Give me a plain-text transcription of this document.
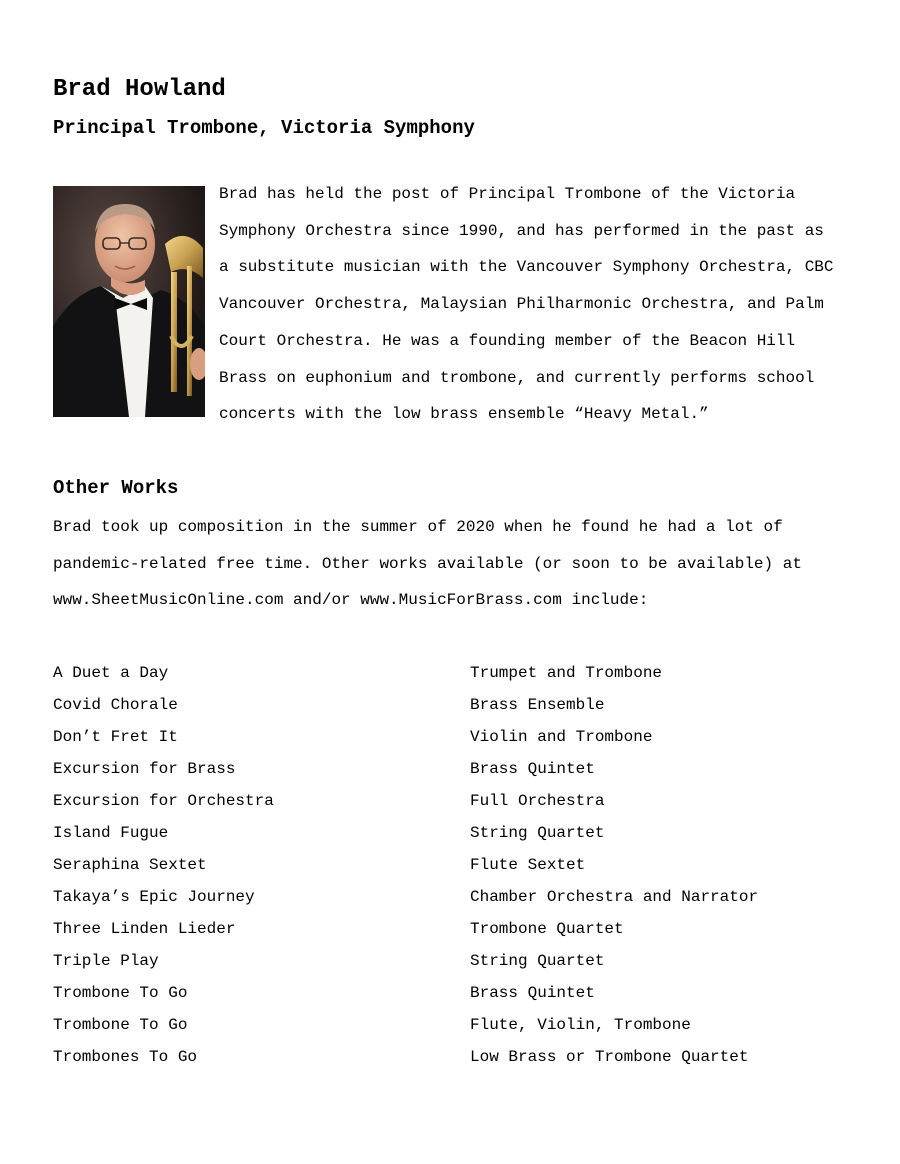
Brad Howland
Principal Trombone, Victoria Symphony

Brad has held the post of Principal Trombone of the Victoria
Symphony Orchestra since 1990, and has performed in the past as
a substitute musician with the Vancouver Symphony Orchestra, CBC
Vancouver Orchestra, Malaysian Philharmonic Orchestra, and Palm
Court Orchestra. He was a founding member of the Beacon Hill
Brass on euphonium and trombone, and currently performs school
concerts with the low brass ensemble “Heavy Metal.”

Other Works

Brad took up composition in the summer of 2020 when he found he had a lot of
pandemic-related free time. Other works available (or soon to be available) at
www.SheetMusicOnline.com and/or www.MusicForBrass.com include:

A Duet a Day	Trumpet and Trombone
Covid Chorale	Brass Ensemble
Don’t Fret It	Violin and Trombone
Excursion for Brass	Brass Quintet
Excursion for Orchestra	Full Orchestra
Island Fugue	String Quartet
Seraphina Sextet	Flute Sextet
Takaya’s Epic Journey	Chamber Orchestra and Narrator
Three Linden Lieder	Trombone Quartet
Triple Play	String Quartet
Trombone To Go	Brass Quintet
Trombone To Go	Flute, Violin, Trombone
Trombones To Go	Low Brass or Trombone Quartet
